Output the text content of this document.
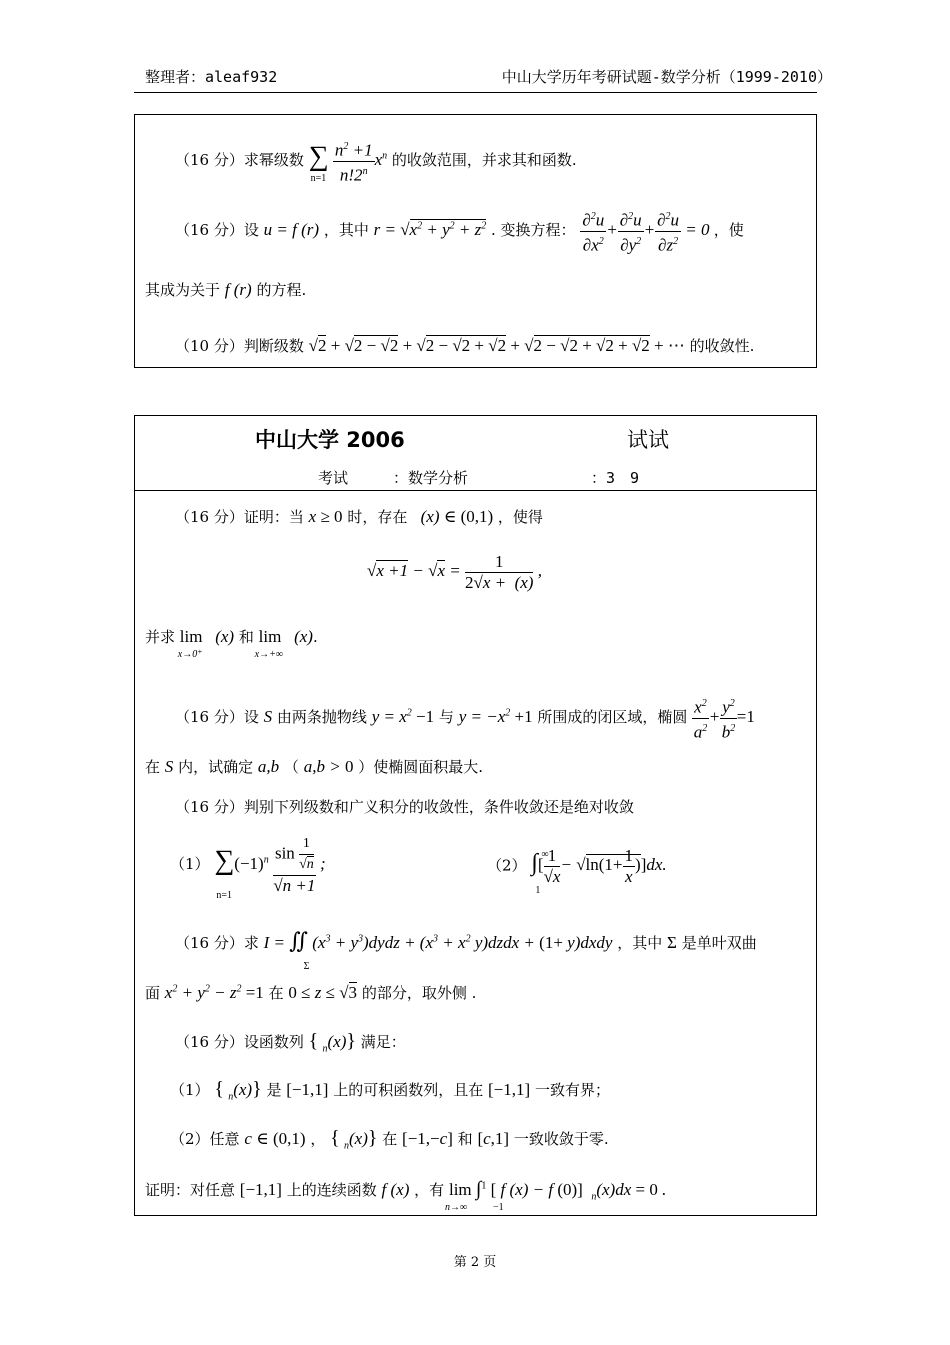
整理者：aleaf932	中山大学历年考研试题-数学分析（1999-2010）
（16 分）求幂级数 ∑
n=1
$\frac{n^2 +1}{n!2^n} x^n$ 的收敛范围，并求其和函数.
（16 分）设 u = f (r) ，其中 $r = √x^2 + y^2 + z^2$ . 变换方程： $\frac{\partial^2u}{\partial x^2} + \frac{\partial^2u}{\partial y^2} + \frac{\partial^2u}{\partial z^2} = 0$ ，使
其成为关于 f (r) 的方程.
（10 分）判断级数 √2 + √2 − √2 + √2 − √2 + √2 + √2 − √2 + √2 + √2 + ⋯ 的收敛性.
中山大学 2006	试试
考试	：数学分析	：3　9
（16 分）证明：当 x ≥ 0 时，存在   (x) ∈ (0,1) ，使得
$√x +1 - √x = \frac{1}{2√x + (x)}$ ,
并求 lim
x→0⁺
(x) 和 lim
x→+∞
(x).
（16 分）设 S 由两条抛物线 $y = x^2 -1$ 与 $y = -x^2 +1$ 所围成的闭区域，椭圆 $\frac{x^2}{a^2} + \frac{y^2}{b^2} =1$
在 S 内，试确定 a,b （ a,b > 0 ）使椭圆面积最大.
（16 分）判别下列级数和广义积分的收敛性，条件收敛还是绝对收敛
（1） ∑
n=1
$(-1)^n \frac{\sin \frac{1}{√n}}{√n +1}$ ;	（2） ∫ ∞
1
[ $\frac{1}{√x} - √\ln(1+ \frac{1}{x} )]dx$.
（16 分）求 I = ∬
Σ
($x^3$ + $y^3)dydz + (x^3 + x^2$ y)dzdx + (1+ y)dxdy ，其中 Σ 是单叶双曲
面 $x^2 + y^2 - z^2 =1$ 在 0 ≤ z ≤ √3 的部分，取外侧 .
（16 分）设函数列 { $_n$(x)} 满足：
（1） { $_n$(x)} 是 [−1,1] 上的可积函数列，且在 [−1,1] 一致有界；
（2）任意 c ∈ (0,1) ， { $_n$(x)} 在 [−1,−c] 和 [c,1] 一致收敛于零.
证明：对任意 [−1,1] 上的连续函数 f (x) ，有 lim
n→∞
∫$^1$
−1
[ f (x) − f (0)] $_n$(x)dx = 0 .
第 2 页
